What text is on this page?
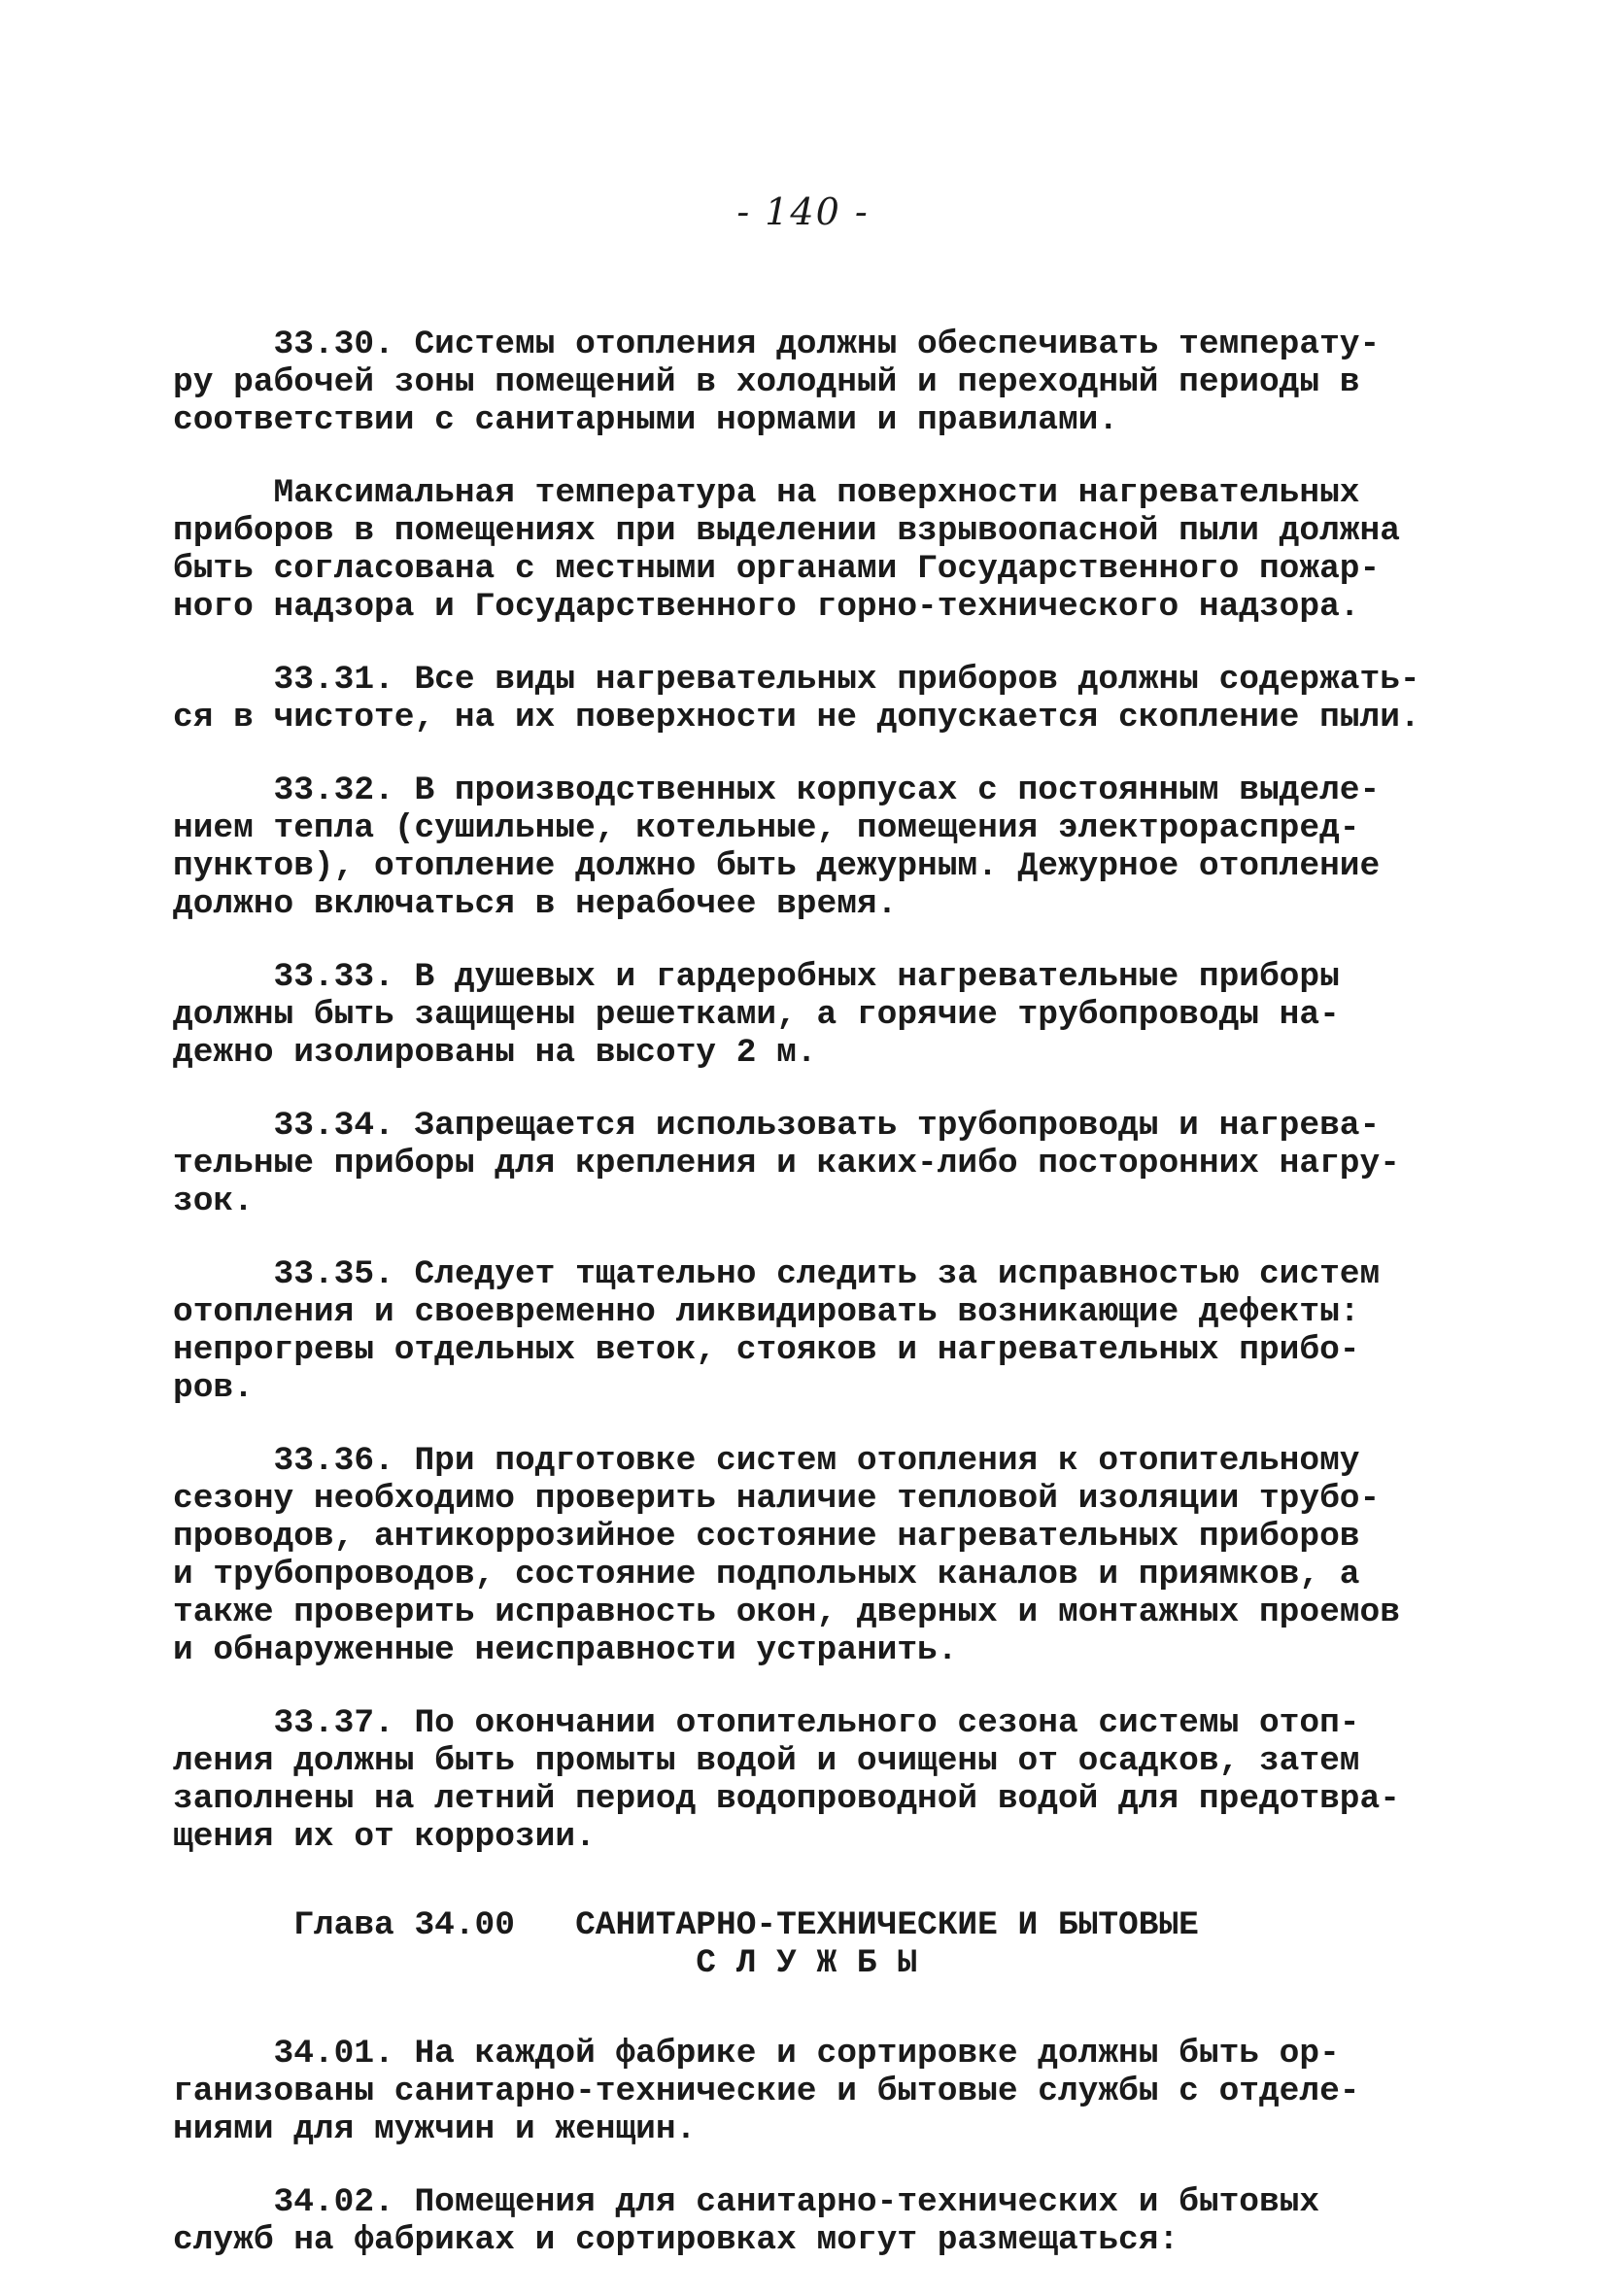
- 140 -
33.30. Системы отопления должны обеспечивать температу-
ру рабочей зоны помещений в холодный и переходный периоды в
соответствии с санитарными нормами и правилами.
Максимальная температура на поверхности нагревательных
приборов в помещениях при выделении взрывоопасной пыли должна
быть согласована с местными органами Государственного пожар-
ного надзора и Государственного горно-технического надзора.
33.31. Все виды нагревательных приборов должны содержать-
ся в чистоте, на их поверхности не допускается скопление пыли.
33.32. В производственных корпусах с постоянным выделе-
нием тепла (сушильные, котельные, помещения электрораспред-
пунктов), отопление должно быть дежурным. Дежурное отопление
должно включаться в нерабочее время.
33.33. В душевых и гардеробных нагревательные приборы
должны быть защищены решетками, а горячие трубопроводы на-
дежно изолированы на высоту 2 м.
33.34. Запрещается использовать трубопроводы и нагрева-
тельные приборы для крепления и каких-либо посторонних нагру-
зок.
33.35. Следует тщательно следить за исправностью систем
отопления и своевременно ликвидировать возникающие дефекты:
непрогревы отдельных веток, стояков и нагревательных прибо-
ров.
33.36. При подготовке систем отопления к отопительному
сезону необходимо проверить наличие тепловой изоляции трубо-
проводов, антикоррозийное состояние нагревательных приборов
и трубопроводов, состояние подпольных каналов и приямков, а
также проверить исправность окон, дверных и монтажных проемов
и обнаруженные неисправности устранить.
33.37. По окончании отопительного сезона системы отоп-
ления должны быть промыты водой и очищены от осадков, затем
заполнены на летний период водопроводной водой для предотвра-
щения их от коррозии.
Глава 34.00   САНИТАРНО-ТЕХНИЧЕСКИЕ И БЫТОВЫЕ
С Л У Ж Б Ы
34.01. На каждой фабрике и сортировке должны быть ор-
ганизованы санитарно-технические и бытовые службы с отделе-
ниями для мужчин и женщин.
34.02. Помещения для санитарно-технических и бытовых
служб на фабриках и сортировках могут размещаться:
